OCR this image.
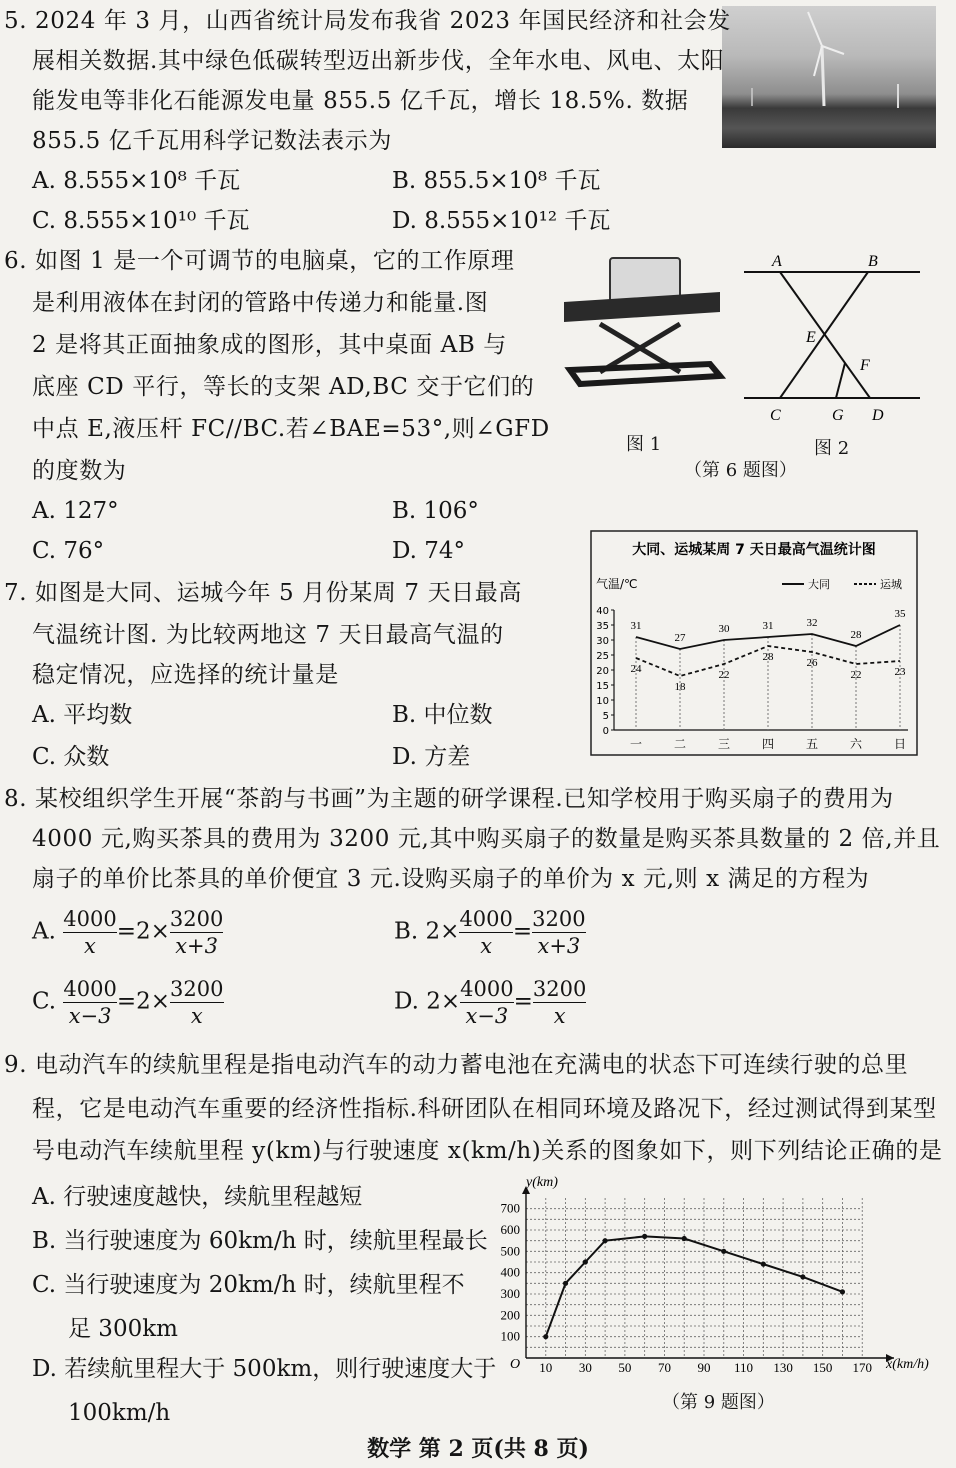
5. 2024 年 3 月，山西省统计局发布我省 2023 年国民经济和社会发
展相关数据.其中绿色低碳转型迈出新步伐，全年水电、风电、太阳
能发电等非化石能源发电量 855.5 亿千瓦，增长 18.5%. 数据
855.5 亿千瓦用科学记数法表示为
A. 8.555×10⁸ 千瓦	B. 855.5×10⁸ 千瓦
C. 8.555×10¹⁰ 千瓦	D. 8.555×10¹² 千瓦
6. 如图 1 是一个可调节的电脑桌，它的工作原理
是利用液体在封闭的管路中传递力和能量.图
2 是将其正面抽象成的图形，其中桌面 AB 与
底座 CD 平行，等长的支架 AD,BC 交于它们的
中点 E,液压杆 FC//BC.若∠BAE=53°,则∠GFD
的度数为
A. 127°	B. 106°
C. 76°	D. 74°
图 1
A	B
E
F
C	G D
图 2
（第 6 题图）
7. 如图是大同、运城今年 5 月份某周 7 天日最高
气温统计图. 为比较两地这 7 天日最高气温的
稳定情况，应选择的统计量是
A. 平均数	B. 中位数
C. 众数	D. 方差
大同、运城某周 7 天日最高气温统计图
气温/℃	大同	运城
0
5
10
15
20
25
30
35
40
一	二	三	四	五	六	日
31
27
30	31	32
28
35
24
18
22
28	26
22	23
8. 某校组织学生开展“茶韵与书画”为主题的研学课程.已知学校用于购买扇子的费用为
4000 元,购买茶具的费用为 3200 元,其中购买扇子的数量是购买茶具数量的 2 倍,并且
扇子的单价比茶具的单价便宜 3 元.设购买扇子的单价为 x 元,则 x 满足的方程为
A. $\frac{4000}{x} =2\times \frac{3200}{x+3}$	B. $2\times \frac{4000}{x} = \frac{3200}{x+3}$
C. $\frac{4000}{x-3} =2\times \frac{3200}{x}$	D. $2\times \frac{4000}{x-3} = \frac{3200}{x}$
9. 电动汽车的续航里程是指电动汽车的动力蓄电池在充满电的状态下可连续行驶的总里
程，它是电动汽车重要的经济性指标.科研团队在相同环境及路况下，经过测试得到某型
号电动汽车续航里程 y(km)与行驶速度 x(km/h)关系的图象如下，则下列结论正确的是
A. 行驶速度越快，续航里程越短
B. 当行驶速度为 60km/h 时，续航里程最长
C. 当行驶速度为 20km/h 时，续航里程不
足 300km
D. 若续航里程大于 500km，则行驶速度大于
100km/h
10 30 50 70 90 110 130 150 170
100
200
300
400
500
600
700
y(km)
x(km/h)
O
（第 9 题图）
数学 第 2 页(共 8 页)
